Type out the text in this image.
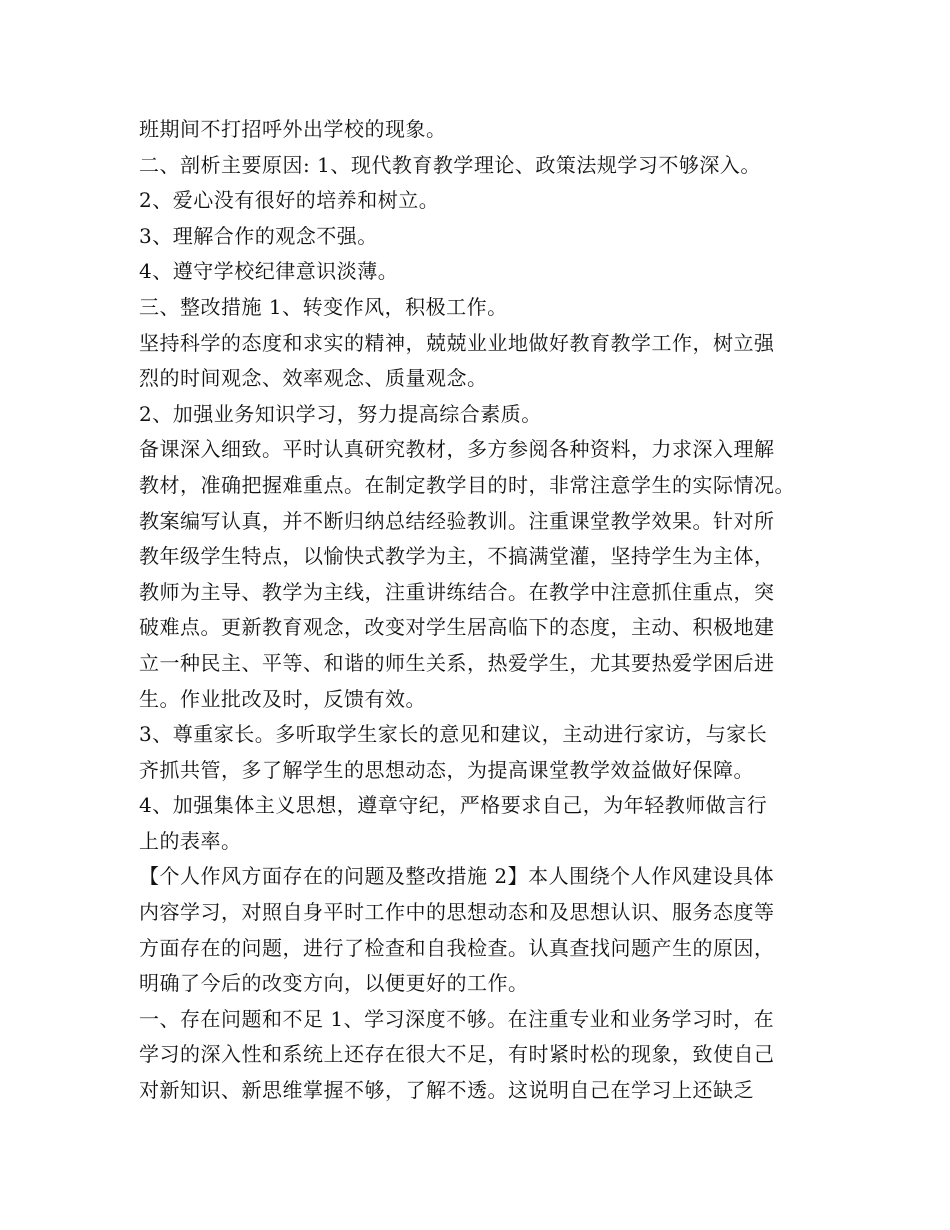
班期间不打招呼外出学校的现象。
二、剖析主要原因: 1、现代教育教学理论、政策法规学习不够深入。
2、爱心没有很好的培养和树立。
3、理解合作的观念不强。
4、遵守学校纪律意识淡薄。
三、整改措施 1、转变作风，积极工作。
坚持科学的态度和求实的精神，兢兢业业地做好教育教学工作，树立强
烈的时间观念、效率观念、质量观念。
2、加强业务知识学习，努力提高综合素质。
备课深入细致。平时认真研究教材，多方参阅各种资料，力求深入理解
教材，准确把握难重点。在制定教学目的时，非常注意学生的实际情况。
教案编写认真，并不断归纳总结经验教训。注重课堂教学效果。针对所
教年级学生特点，以愉快式教学为主，不搞满堂灌，坚持学生为主体，
教师为主导、教学为主线，注重讲练结合。在教学中注意抓住重点，突
破难点。更新教育观念，改变对学生居高临下的态度，主动、积极地建
立一种民主、平等、和谐的师生关系，热爱学生，尤其要热爱学困后进
生。作业批改及时，反馈有效。
3、尊重家长。多听取学生家长的意见和建议，主动进行家访，与家长
齐抓共管，多了解学生的思想动态，为提高课堂教学效益做好保障。
4、加强集体主义思想，遵章守纪，严格要求自己，为年轻教师做言行
上的表率。
【个人作风方面存在的问题及整改措施 2】本人围绕个人作风建设具体
内容学习，对照自身平时工作中的思想动态和及思想认识、服务态度等
方面存在的问题，进行了检查和自我检查。认真查找问题产生的原因，
明确了今后的改变方向，以便更好的工作。
一、存在问题和不足 1、学习深度不够。在注重专业和业务学习时，在
学习的深入性和系统上还存在很大不足，有时紧时松的现象，致使自己
对新知识、新思维掌握不够，了解不透。这说明自己在学习上还缺乏
